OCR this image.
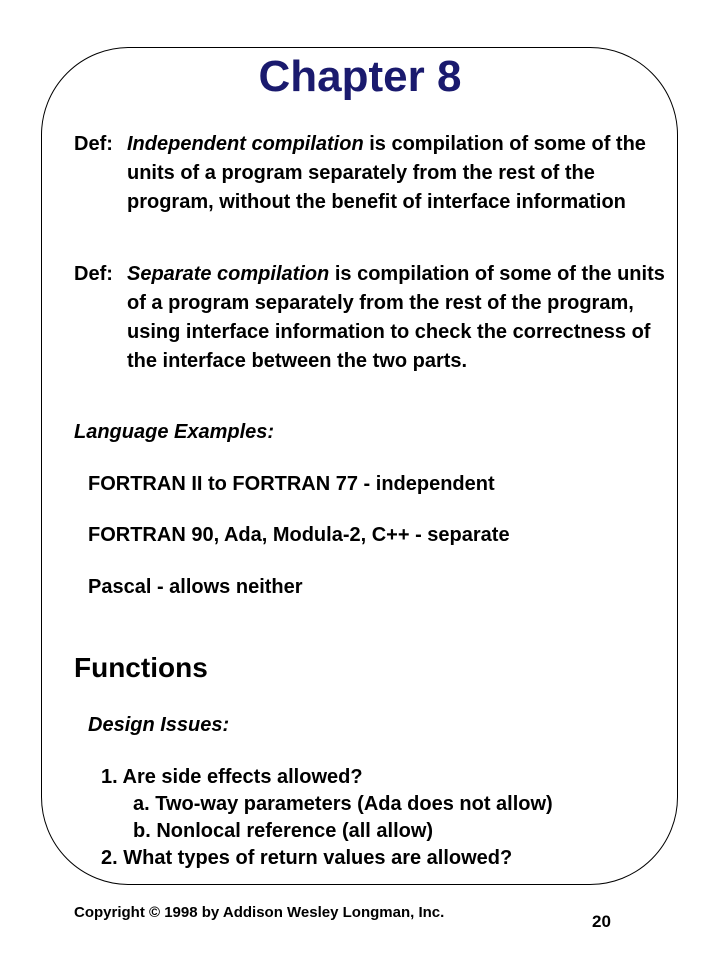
Chapter 8
Def: Independent compilation is compilation of some of the units of a program separately from the rest of the program, without the benefit of interface information
Def: Separate compilation is compilation of some of the units of a program separately from the rest of the program, using interface information to check the correctness of the interface between the two parts.
Language Examples:
FORTRAN II to FORTRAN 77 - independent
FORTRAN 90, Ada, Modula-2, C++ - separate
Pascal - allows neither
Functions
Design Issues:
1. Are side effects allowed?
a. Two-way parameters (Ada does not allow)
b. Nonlocal reference (all allow)
2. What types of return values are allowed?
Copyright © 1998 by Addison Wesley Longman, Inc.	20
